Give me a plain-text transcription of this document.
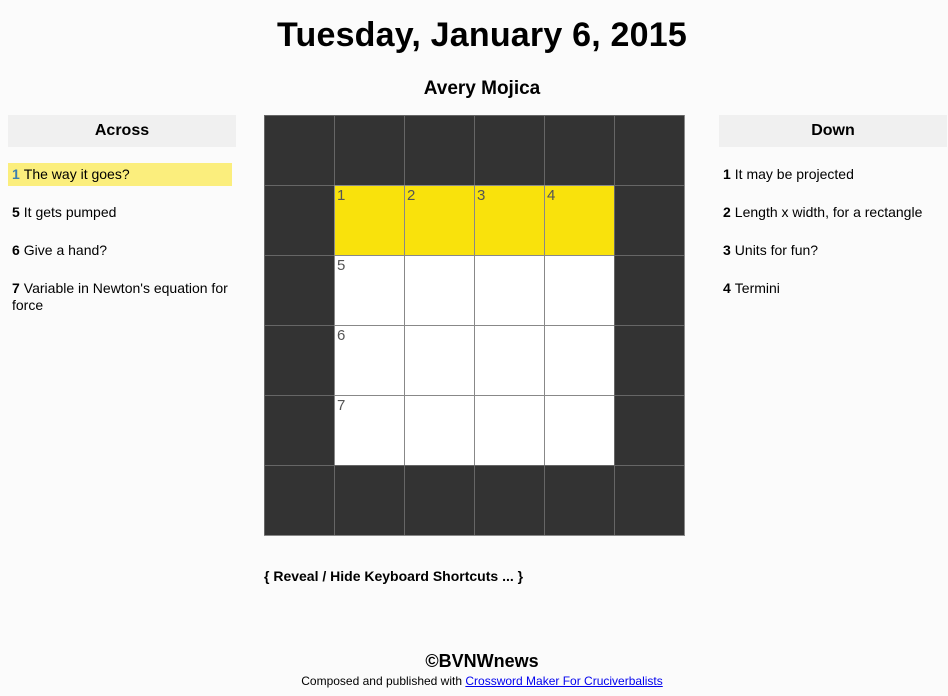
Tuesday, January 6, 2015
Avery Mojica
Across
1 The way it goes?
5 It gets pumped
6 Give a hand?
7 Variable in Newton's equation for force
1	2	3	4
5
6
7
Down
1 It may be projected
2 Length x width, for a rectangle
3 Units for fun?
4 Termini
{ Reveal / Hide Keyboard Shortcuts ... }
©BVNWnews
Composed and published with Crossword Maker For Cruciverbalists
